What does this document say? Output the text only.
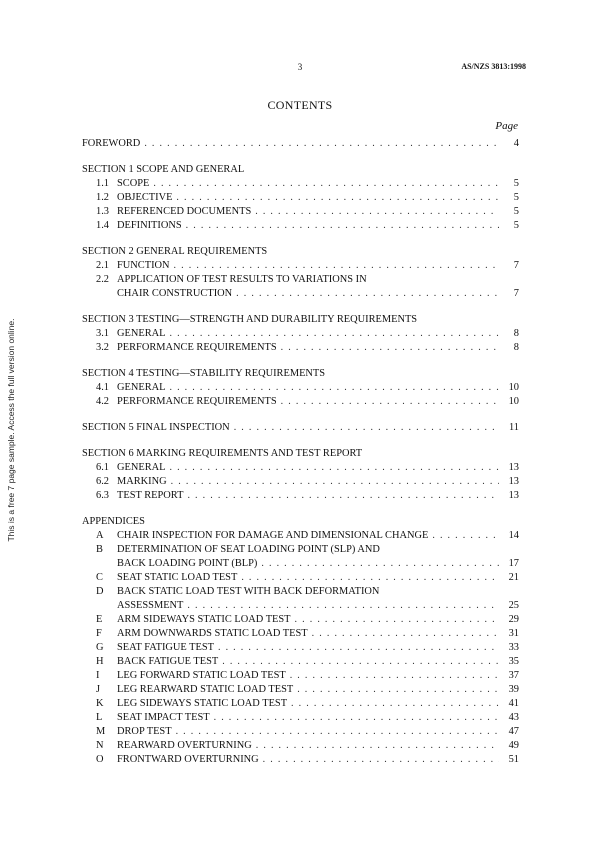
This is a free 7 page sample. Access the full version online.
3	AS/NZS 3813:1998
CONTENTS
Page
FOREWORD . . .	4
SECTION 1 SCOPE AND GENERAL
1.1 SCOPE . . .	5
1.2 OBJECTIVE . . .	5
1.3 REFERENCED DOCUMENTS . . .	5
1.4 DEFINITIONS . . .	5
SECTION 2 GENERAL REQUIREMENTS
2.1 FUNCTION . . .	7
2.2 APPLICATION OF TEST RESULTS TO VARIATIONS IN
CHAIR CONSTRUCTION . . .	7
SECTION 3 TESTING—STRENGTH AND DURABILITY REQUIREMENTS
3.1 GENERAL . . .	8
3.2 PERFORMANCE REQUIREMENTS . . .	8
SECTION 4 TESTING—STABILITY REQUIREMENTS
4.1 GENERAL . . .	10
4.2 PERFORMANCE REQUIREMENTS . . .	10
SECTION 5 FINAL INSPECTION . . .	11
SECTION 6 MARKING REQUIREMENTS AND TEST REPORT
6.1 GENERAL . . .	13
6.2 MARKING . . .	13
6.3 TEST REPORT . . .	13
APPENDICES
A	CHAIR INSPECTION FOR DAMAGE AND DIMENSIONAL CHANGE . . .	14
B	DETERMINATION OF SEAT LOADING POINT (SLP) AND
BACK LOADING POINT (BLP) . . .	17
C	SEAT STATIC LOAD TEST . . .	21
D	BACK STATIC LOAD TEST WITH BACK DEFORMATION
ASSESSMENT . . .	25
E	ARM SIDEWAYS STATIC LOAD TEST . . .	29
F	ARM DOWNWARDS STATIC LOAD TEST . . .	31
G	SEAT FATIGUE TEST . . .	33
H	BACK FATIGUE TEST . . .	35
I	LEG FORWARD STATIC LOAD TEST . . .	37
J	LEG REARWARD STATIC LOAD TEST . . .	39
K	LEG SIDEWAYS STATIC LOAD TEST . . .	41
L	SEAT IMPACT TEST . . .	43
M	DROP TEST . . .	47
N	REARWARD OVERTURNING . . .	49
O	FRONTWARD OVERTURNING . . .	51
